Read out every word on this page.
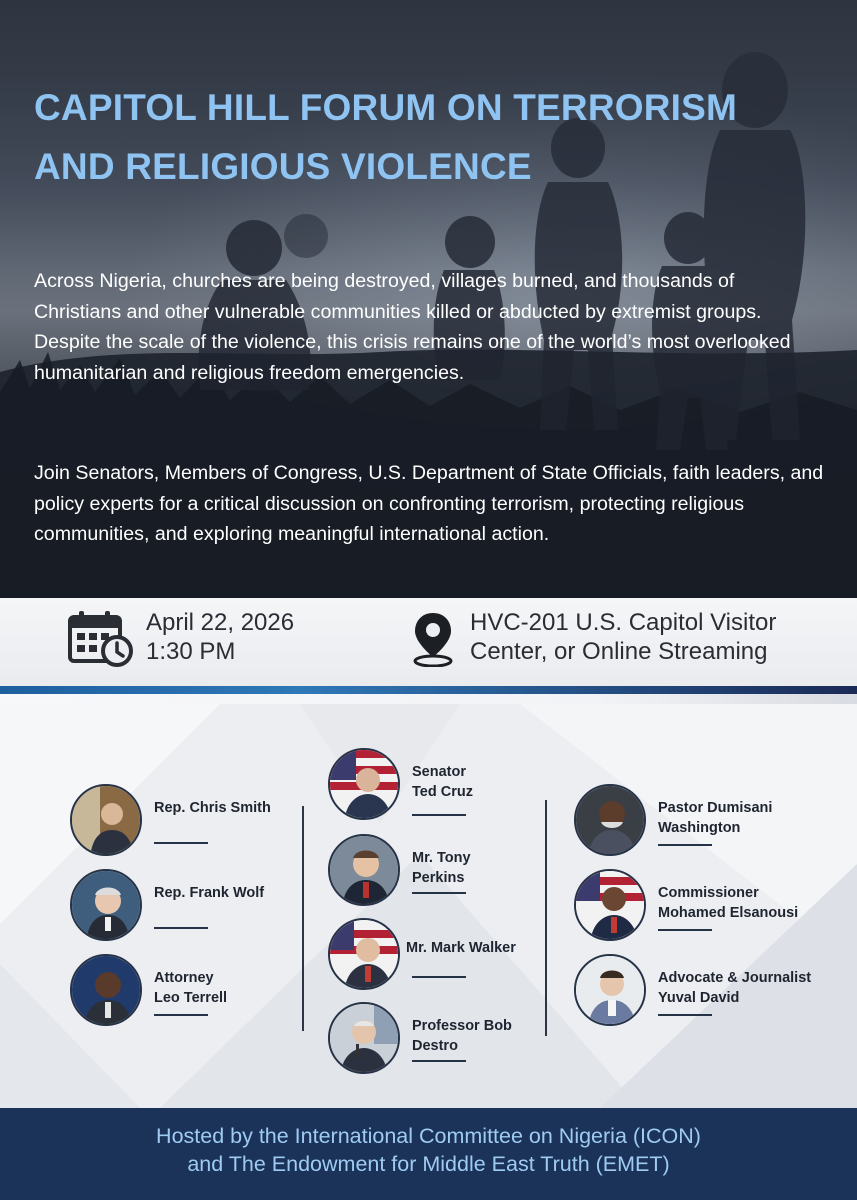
CAPITOL HILL FORUM ON TERRORISM
AND RELIGIOUS VIOLENCE

Across Nigeria, churches are being destroyed, villages burned, and thousands of Christians and other vulnerable communities killed or abducted by extremist groups. Despite the scale of the violence, this crisis remains one of the world’s most overlooked humanitarian and religious freedom emergencies.

Join Senators, Members of Congress, U.S. Department of State Officials, faith leaders, and policy experts for a critical discussion on confronting terrorism, protecting religious communities, and exploring meaningful international action.

April 22, 2026
1:30 PM
HVC-201 U.S. Capitol Visitor
Center, or Online Streaming
Rep. Chris Smith
Rep. Frank Wolf
Attorney
Leo Terrell
Senator
Ted Cruz
Mr. Tony
Perkins
Mr. Mark Walker
Professor Bob
Destro
Pastor Dumisani
Washington
Commissioner
Mohamed Elsanousi
Advocate & Journalist
Yuval David

Hosted by the International Committee on Nigeria (ICON)
and The Endowment for Middle East Truth (EMET)
